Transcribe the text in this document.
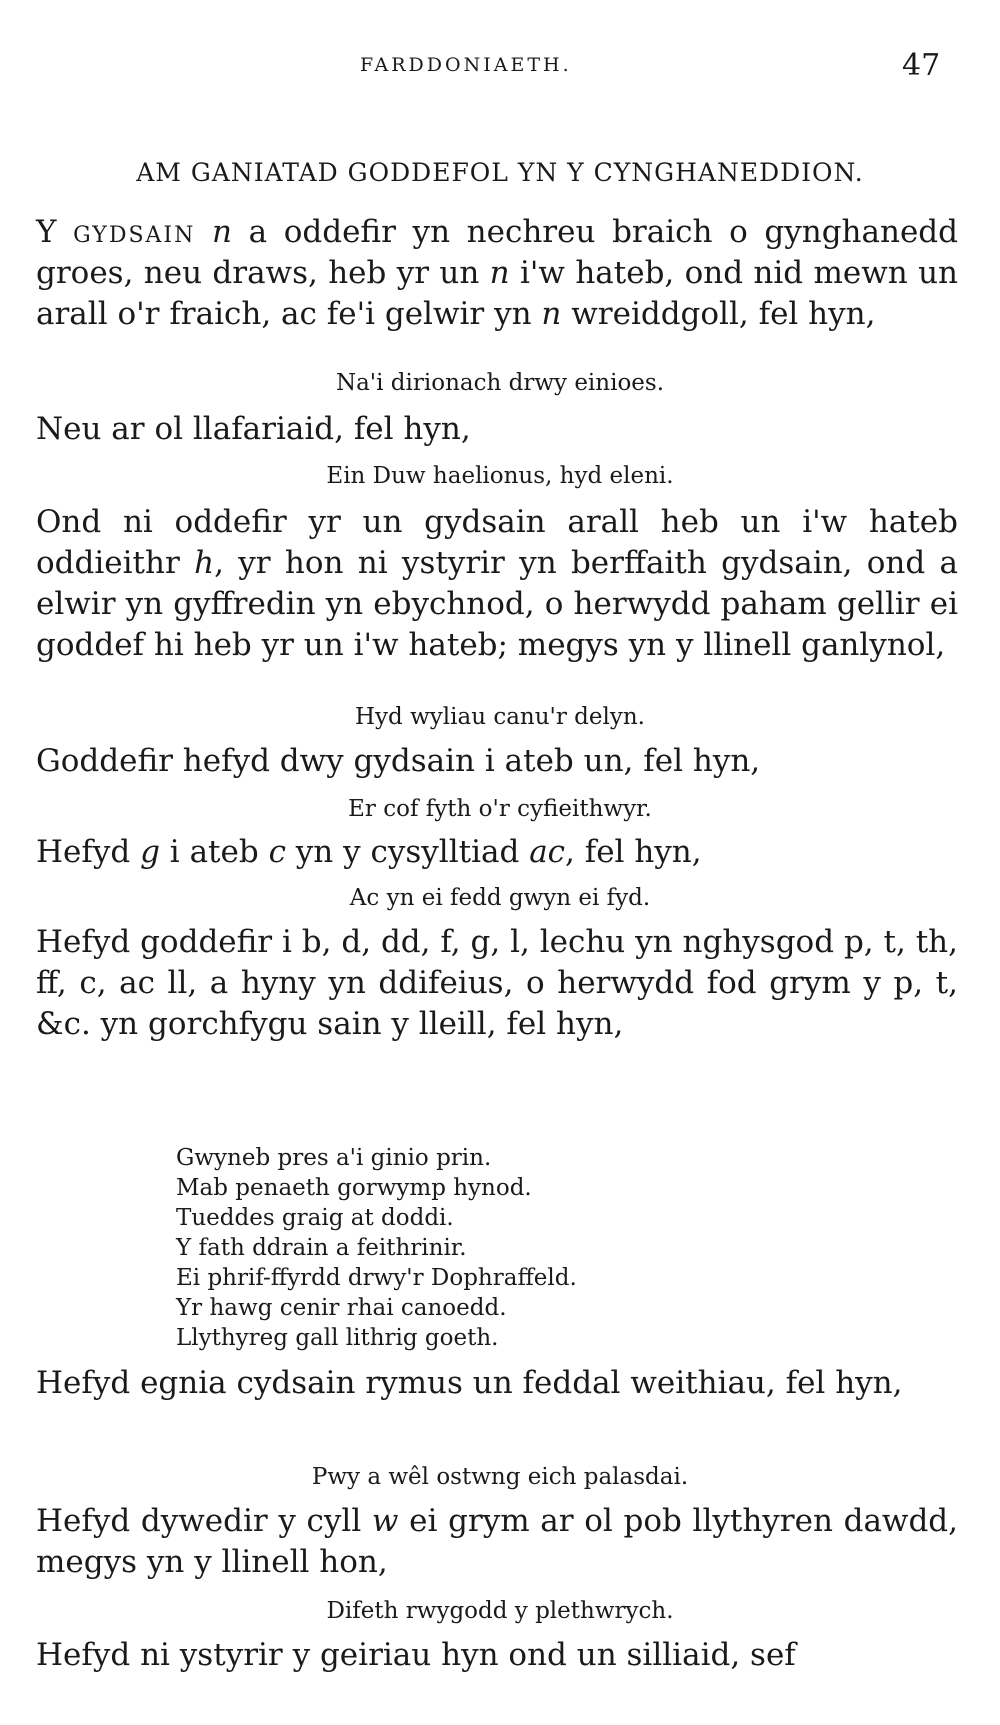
FARDDONIAETH.	47
AM GANIATAD GODDEFOL YN Y CYNGHANEDDION.
Y gydsain n a oddefir yn nechreu braich o gynghanedd groes, neu draws, heb yr un n i'w hateb, ond nid mewn un arall o'r fraich, ac fe'i gelwir yn n wreiddgoll, fel hyn,
Na'i dirionach drwy einioes.
Neu ar ol llafariaid, fel hyn,
Ein Duw haelionus, hyd eleni.
Ond ni oddefir yr un gydsain arall heb un i'w hateb oddieithr h, yr hon ni ystyrir yn berffaith gydsain, ond a elwir yn gyffredin yn ebychnod, o herwydd paham gellir ei goddef hi heb yr un i'w hateb; megys yn y llinell ganlynol,
Hyd wyliau canu'r delyn.
Goddefir hefyd dwy gydsain i ateb un, fel hyn,
Er cof fyth o'r cyfieithwyr.
Hefyd g i ateb c yn y cysylltiad ac, fel hyn,
Ac yn ei fedd gwyn ei fyd.
Hefyd goddefir i b, d, dd, f, g, l, lechu yn nghysgod p, t, th, ff, c, ac ll, a hyny yn ddifeius, o herwydd fod grym y p, t, &c. yn gorchfygu sain y lleill, fel hyn,
Gwyneb pres a'i ginio prin.
Mab penaeth gorwymp hynod.
Tueddes graig at doddi.
Y fath ddrain a feithrinir.
Ei phrif-ffyrdd drwy'r Dophraffeld.
Yr hawg cenir rhai canoedd.
Llythyreg gall lithrig goeth.
Hefyd egnia cydsain rymus un feddal weithiau, fel hyn,
Pwy a wêl ostwng eich palasdai.
Hefyd dywedir y cyll w ei grym ar ol pob llythyren dawdd, megys yn y llinell hon,
Difeth rwygodd y plethwrych.
Hefyd ni ystyrir y geiriau hyn ond un silliaid, sef
